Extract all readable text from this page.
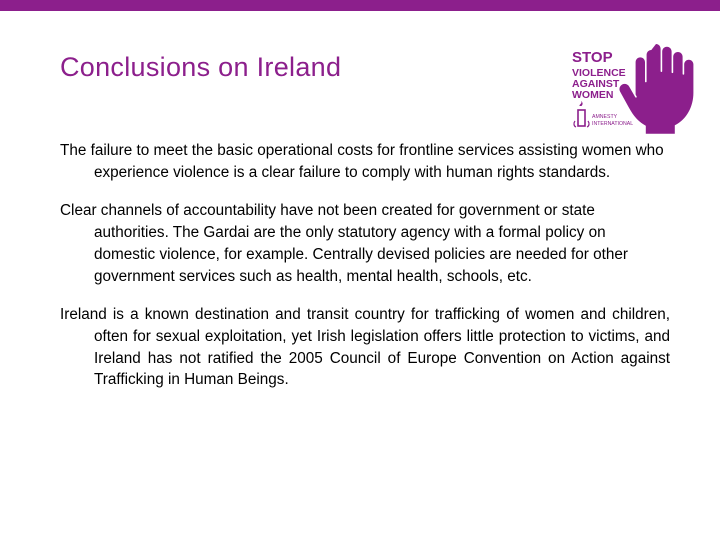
Conclusions on Ireland	STOP
VIOLENCE
AGAINST
WOMEN
AMNESTY
INTERNATIONAL
The failure to meet the basic operational costs for frontline services assisting women who experience violence is a clear failure to comply with human rights standards.
Clear channels of accountability have not been created for government or state authorities. The Gardai are the only statutory agency with a formal policy on domestic violence, for example. Centrally devised policies are needed for other government services such as health, mental health, schools, etc.
Ireland is a known destination and transit country for trafficking of women and children, often for sexual exploitation, yet Irish legislation offers little protection to victims, and Ireland has not ratified the 2005 Council of Europe Convention on Action against Trafficking in Human Beings.
